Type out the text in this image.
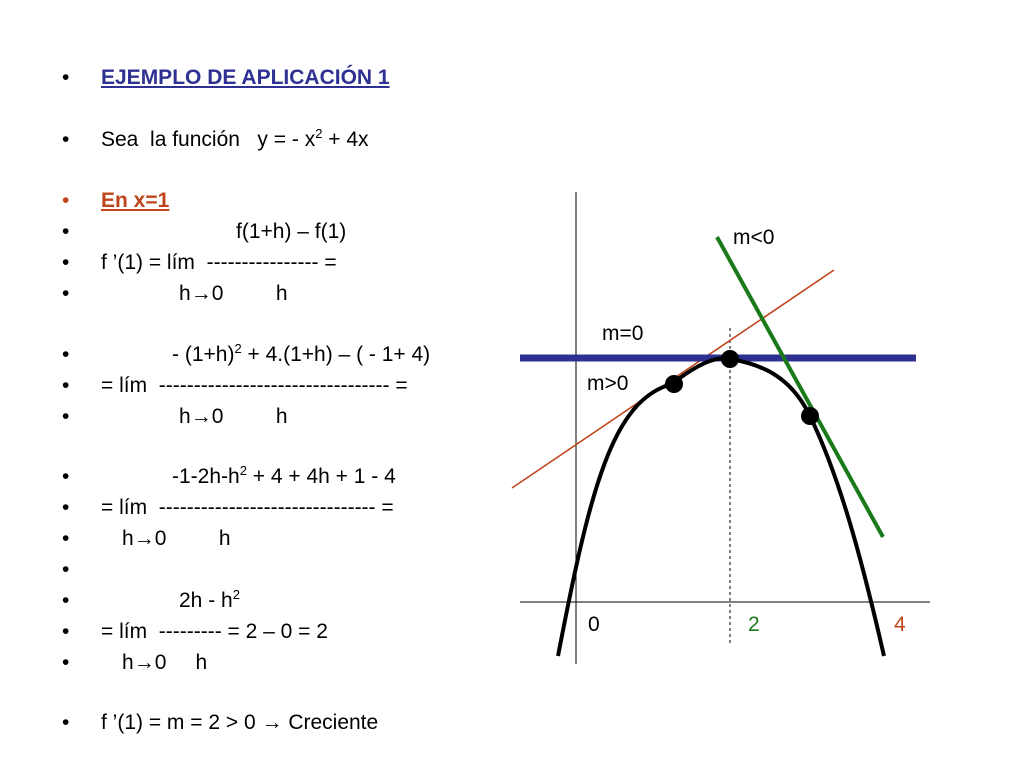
• EJEMPLO DE APLICACIÓN 1
• Sea  la función   y = - $x^2 + 4x$
• En x=1
•	f(1+h) – f(1)
• f ’(1) = lím  ---------------- =
•	h→0         h
•	- $(1+h)^2 + 4.(1+h)$ – ( - 1+ 4)
• = lím  --------------------------------- =
•	h→0         h
•	$-1-2h-h^2 + 4 + 4h + 1 - 4$
• = lím  ------------------------------- =
•	h→0         h
•
•	$2h - h^2$
• = lím  --------- = 2 – 0 = 2
•	h→0     h
• f ’(1) = m = 2 > 0 → Creciente
m<0
m=0
m>0
0	2	4
